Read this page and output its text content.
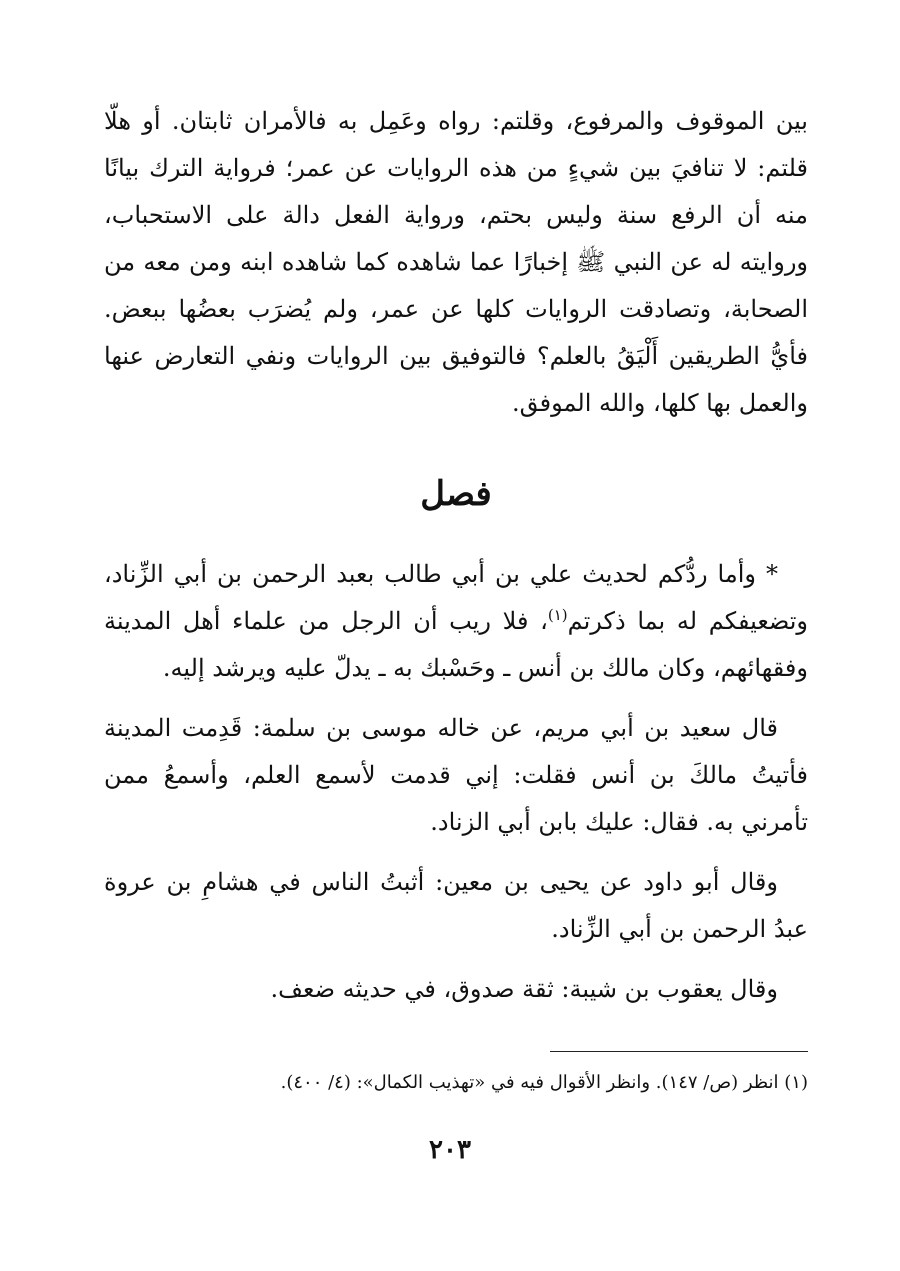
بين الموقوف والمرفوع، وقلتم: رواه وعَمِل به فالأمران ثابتان. أو هلّا قلتم: لا تنافيَ بين شيءٍ من هذه الروايات عن عمر؛ فرواية الترك بيانًا منه أن الرفع سنة وليس بحتم، ورواية الفعل دالة على الاستحباب، وروايته له عن النبي ﷺ إخبارًا عما شاهده كما شاهده ابنه ومن معه من الصحابة، وتصادقت الروايات كلها عن عمر، ولم يُضرَب بعضُها ببعض. فأيُّ الطريقين أَلْيَقُ بالعلم؟ فالتوفيق بين الروايات ونفي التعارض عنها والعمل بها كلها، والله الموفق.

فصل

* وأما ردُّكم لحديث علي بن أبي طالب بعبد الرحمن بن أبي الزِّناد، وتضعيفكم له بما ذكرتم$^{(١)}$، فلا ريب أن الرجل من علماء أهل المدينة وفقهائهم، وكان مالك بن أنس ـ وحَسْبك به ـ يدلّ عليه ويرشد إليه.

قال سعيد بن أبي مريم، عن خاله موسى بن سلمة: قَدِمت المدينة فأتيتُ مالكَ بن أنس فقلت: إني قدمت لأسمع العلم، وأسمعُ ممن تأمرني به. فقال: عليك بابن أبي الزناد.

وقال أبو داود عن يحيى بن معين: أثبتُ الناس في هشامِ بن عروة عبدُ الرحمن بن أبي الزِّناد.

وقال يعقوب بن شيبة: ثقة صدوق، في حديثه ضعف.

(١) انظر (ص/ ١٤٧). وانظر الأقوال فيه في «تهذيب الكمال»: (٤/ ٤٠٠).
٢٠٣
